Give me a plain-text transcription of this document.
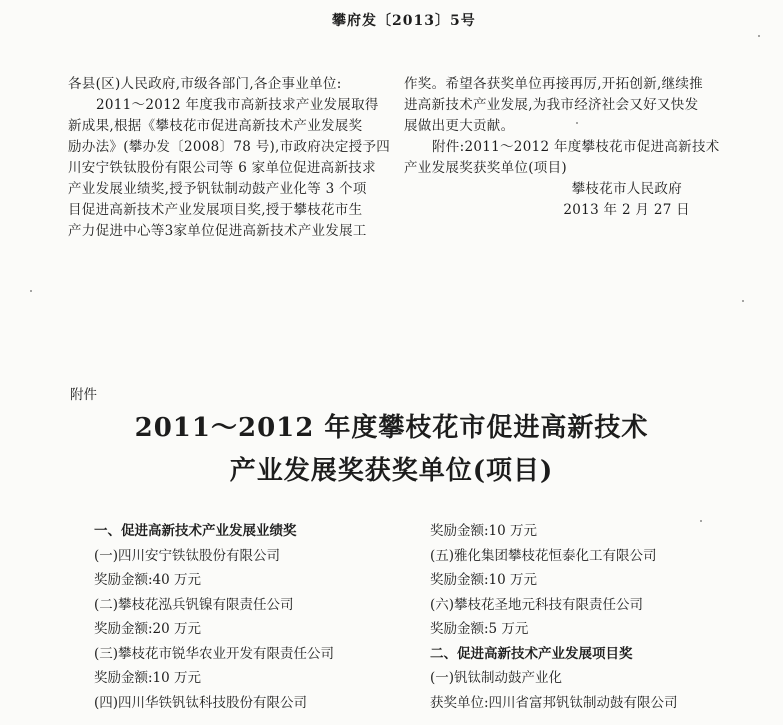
攀府发〔2013〕5号
各县(区)人民政府,市级各部门,各企事业单位:
2011～2012 年度我市高新技求产业发展取得
新成果,根据《攀枝花市促进高新技术产业发展奖
励办法》(攀办发〔2008〕78 号),市政府决定授予四
川安宁铁钛股份有限公司等 6 家单位促进高新技求
产业发展业绩奖,授予钒钛制动鼓产业化等 3 个项
目促进高新技术产业发展项目奖,授于攀枝花市生
产力促进中心等3家单位促进高新技术产业发展工
作奖。希望各获奖单位再接再厉,开拓创新,继续推
进高新技术产业发展,为我市经济社会又好又快发
展做出更大贡献。
附件:2011～2012 年度攀枝花市促进高新技术
产业发展奖获奖单位(项目)
攀枝花市人民政府
2013 年 2 月 27 日
附件
2011～2012 年度攀枝花市促进高新技术
产业发展奖获奖单位(项目)
一、促进高新技术产业发展业绩奖
(一)四川安宁铁钛股份有限公司
奖励金额:40 万元
(二)攀枝花泓兵钒镍有限责任公司
奖励金额:20 万元
(三)攀枝花市锐华农业开发有限责任公司
奖励金额:10 万元
(四)四川华铁钒钛科技股份有限公司
奖励金额:10 万元
(五)雅化集团攀枝花恒泰化工有限公司
奖励金额:10 万元
(六)攀枝花圣地元科技有限责任公司
奖励金额:5 万元
二、促进高新技术产业发展项目奖
(一)钒钛制动鼓产业化
获奖单位:四川省富邦钒钛制动鼓有限公司
